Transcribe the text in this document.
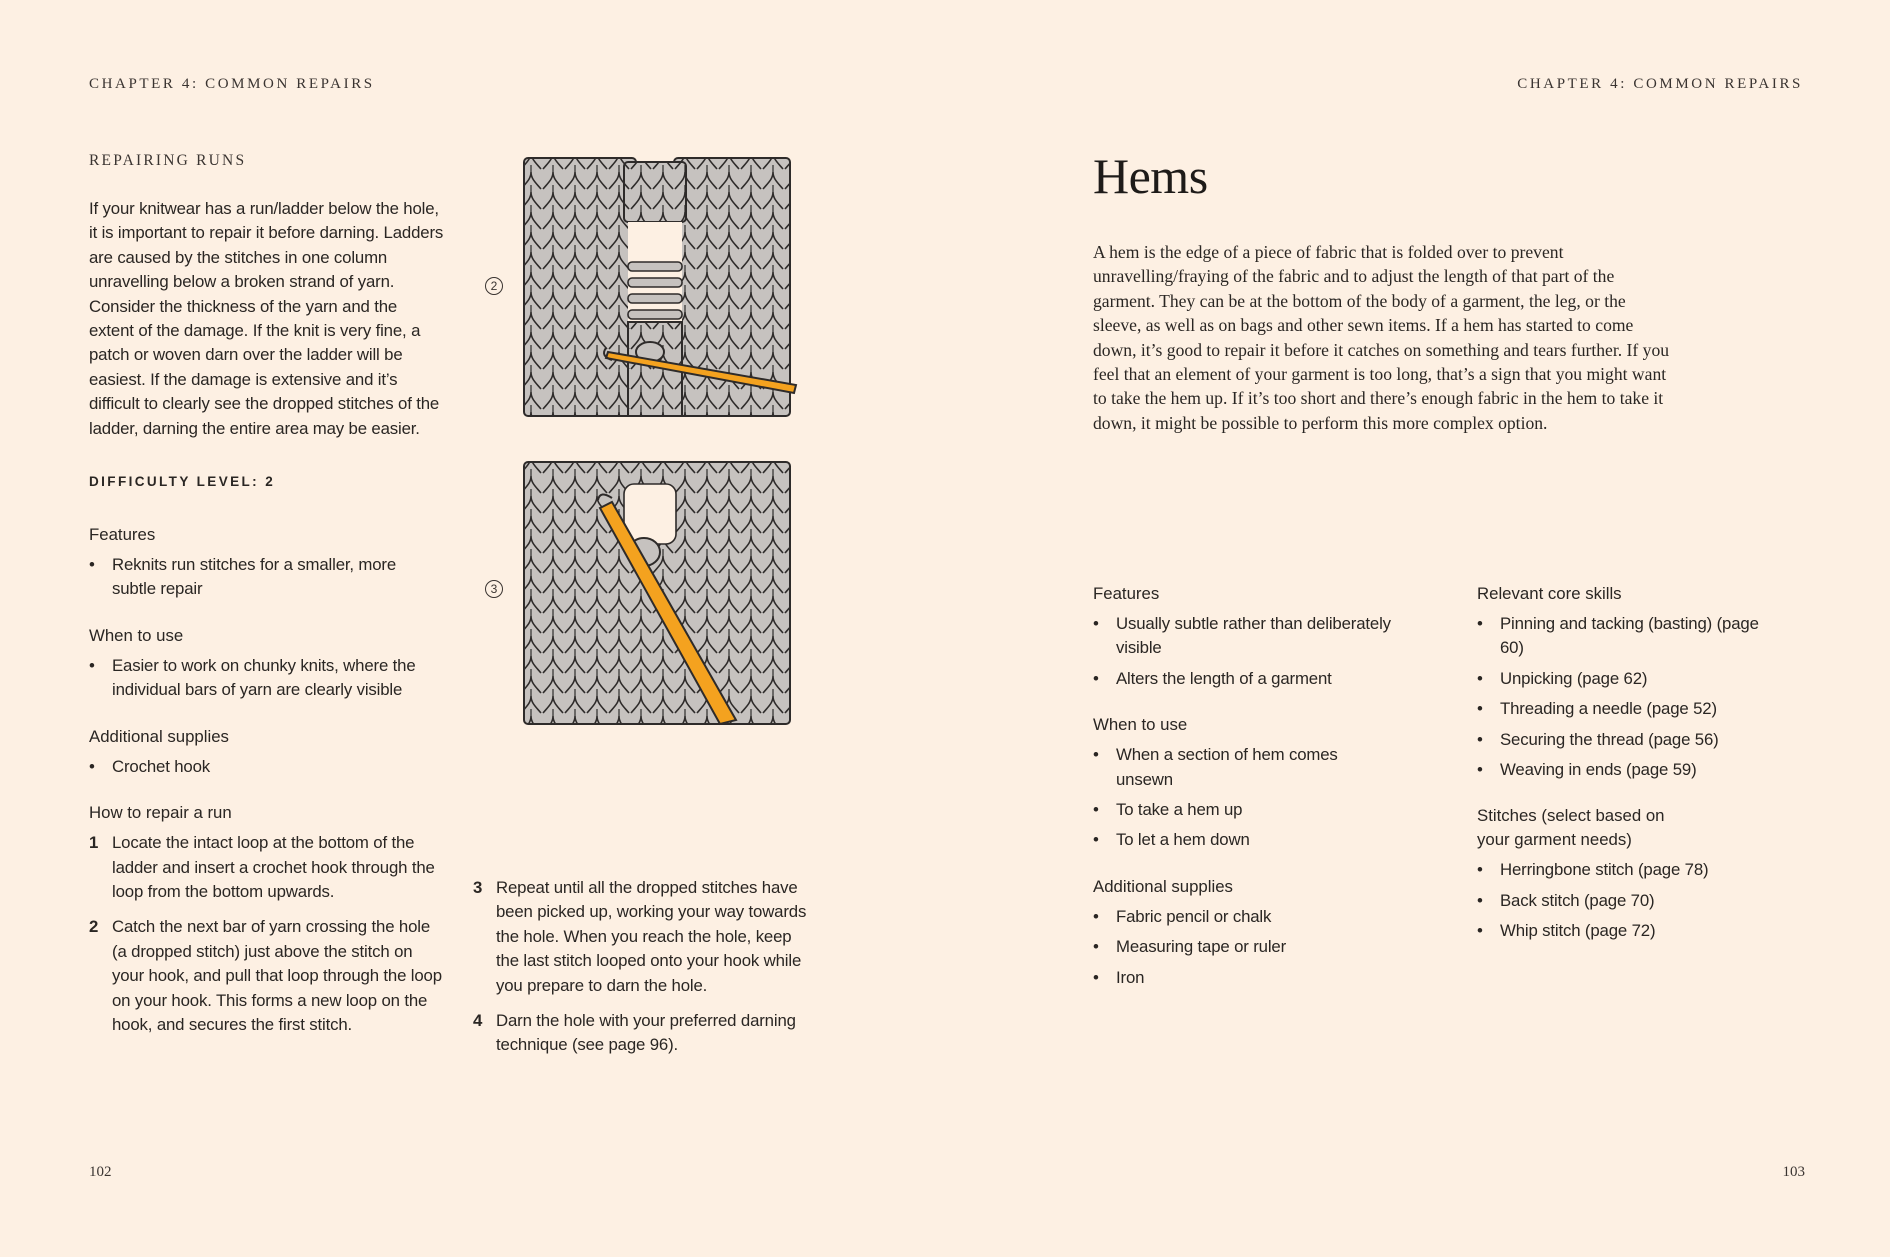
CHAPTER 4: COMMON REPAIRS
REPAIRING RUNS

If your knitwear has a run/ladder below the hole, it is important to repair it before darning. Ladders are caused by the stitches in one column unravelling below a broken strand of yarn. Consider the thickness of the yarn and the extent of the damage. If the knit is very fine, a patch or woven darn over the ladder will be easiest. If the damage is extensive and it’s difficult to clearly see the dropped stitches of the ladder, darning the entire area may be easier.

DIFFICULTY LEVEL: 2
Features
• Reknits run stitches for a smaller, more subtle repair
When to use
• Easier to work on chunky knits, where the individual bars of yarn are clearly visible
Additional supplies
• Crochet hook
How to repair a run
1 Locate the intact loop at the bottom of the ladder and insert a crochet hook through the loop from the bottom upwards.
2 Catch the next bar of yarn crossing the hole (a dropped stitch) just above the stitch on your hook, and pull that loop through the loop on your hook. This forms a new loop on the hook, and secures the first stitch.
3 Repeat until all the dropped stitches have been picked up, working your way towards the hole. When you reach the hole, keep the last stitch looped onto your hook while you prepare to darn the hole.
4 Darn the hole with your preferred darning technique (see page 96).
2
3
102
CHAPTER 4: COMMON REPAIRS
Hems

A hem is the edge of a piece of fabric that is folded over to prevent unravelling/fraying of the fabric and to adjust the length of that part of the garment. They can be at the bottom of the body of a garment, the leg, or the sleeve, as well as on bags and other sewn items. If a hem has started to come down, it’s good to repair it before it catches on something and tears further. If you feel that an element of your garment is too long, that’s a sign that you might want to take the hem up. If it’s too short and there’s enough fabric in the hem to take it down, it might be possible to perform this more complex option.

Features
• Usually subtle rather than deliberately visible
• Alters the length of a garment
When to use
• When a section of hem comes unsewn
• To take a hem up
• To let a hem down
Additional supplies
• Fabric pencil or chalk
• Measuring tape or ruler
• Iron
Relevant core skills
• Pinning and tacking (basting) (page 60)
• Unpicking (page 62)
• Threading a needle (page 52)
• Securing the thread (page 56)
• Weaving in ends (page 59)
Stitches (select based on your garment needs)
• Herringbone stitch (page 78)
• Back stitch (page 70)
• Whip stitch (page 72)
103
